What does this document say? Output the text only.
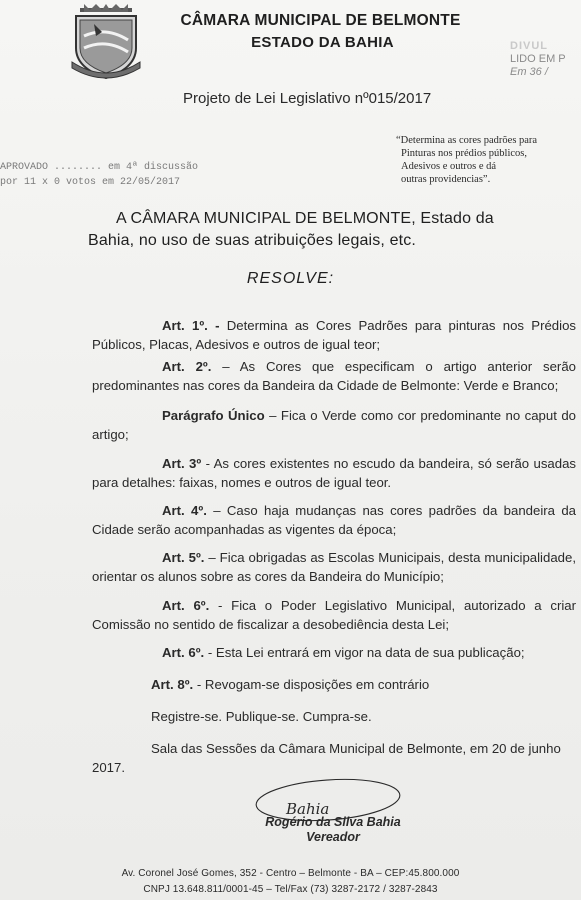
CÂMARA MUNICIPAL DE BELMONTE
ESTADO DA BAHIA	DIVUL
LIDO EM P
Em 36 /
Projeto de Lei Legislativo nº015/2017
“Determina as cores padrões para
Pinturas nos prédios públicos,
Adesivos e outros e dá
outras providencias”.
APROVADO ........ em 4ª discussão
por 11 x 0 votos em 22/05/2017
A CÂMARA MUNICIPAL DE BELMONTE, Estado da
Bahia, no uso de suas atribuições legais, etc.
RESOLVE:
Art. 1º. - Determina as Cores Padrões para pinturas nos Prédios Públicos, Placas, Adesivos e outros de igual teor;
Art. 2º. – As Cores que especificam o artigo anterior serão predominantes nas cores da Bandeira da Cidade de Belmonte: Verde e Branco;
Parágrafo Único – Fica o Verde como cor predominante no caput do artigo;
Art. 3º - As cores existentes no escudo da bandeira, só serão usadas para detalhes: faixas, nomes e outros de igual teor.
Art. 4º. – Caso haja mudanças nas cores padrões da bandeira da Cidade serão acompanhadas as vigentes da época;
Art. 5º. – Fica obrigadas as Escolas Municipais, desta municipalidade, orientar os alunos sobre as cores da Bandeira do Município;
Art. 6º. - Fica o Poder Legislativo Municipal, autorizado a criar Comissão no sentido de fiscalizar a desobediência desta Lei;
Art. 6º. - Esta Lei entrará em vigor na data de sua publicação;
Art. 8º. - Revogam-se disposições em contrário
Registre-se. Publique-se. Cumpra-se.
Sala das Sessões da Câmara Municipal de Belmonte, em 20 de junho
2017.
Bahia
Rogério da Silva Bahia
Vereador
Av. Coronel José Gomes, 352 - Centro – Belmonte - BA – CEP:45.800.000
CNPJ 13.648.811/0001-45 – Tel/Fax (73) 3287-2172 / 3287-2843
